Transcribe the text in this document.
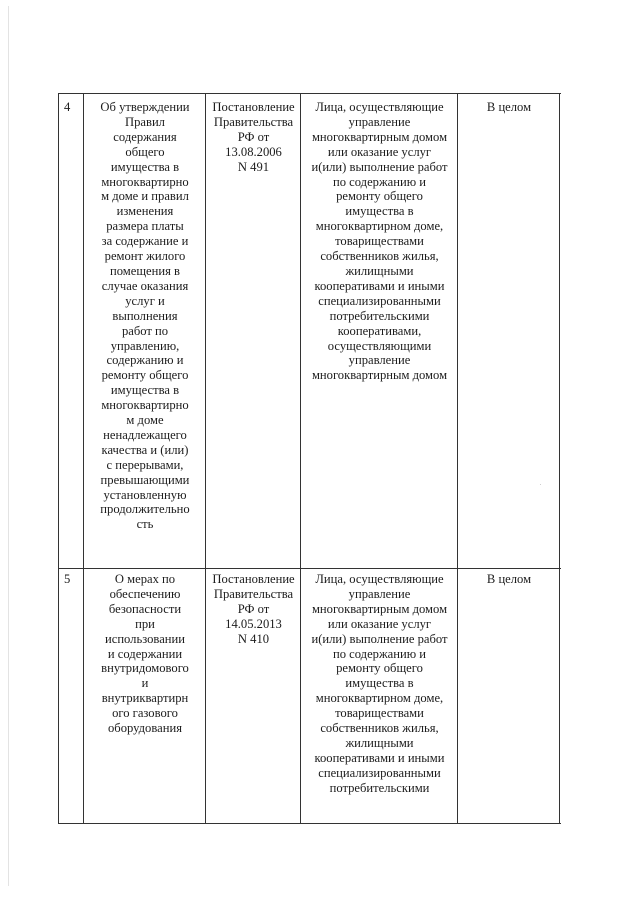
4	Об утверждении
Правил
содержания
общего
имущества в
многоквартирно
м доме и правил
изменения
размера платы
за содержание и
ремонт жилого
помещения в
случае оказания
услуг и
выполнения
работ по
управлению,
содержанию и
ремонту общего
имущества в
многоквартирно
м доме
ненадлежащего
качества и (или)
с перерывами,
превышающими
установленную
продолжительно
сть
Постановление
Правительства
РФ от
13.08.2006
N 491
Лица, осуществляющие
управление
многоквартирным домом
или оказание услуг
и(или) выполнение работ
по содержанию и
ремонту общего
имущества в
многоквартирном доме,
товариществами
собственников жилья,
жилищными
кооперативами и иными
специализированными
потребительскими
кооперативами,
осуществляющими
управление
многоквартирным домом
В целом
5	О мерах по
обеспечению
безопасности
при
использовании
и содержании
внутридомового
и
внутриквартирн
ого газового
оборудования
Постановление
Правительства
РФ от
14.05.2013
N 410
Лица, осуществляющие
управление
многоквартирным домом
или оказание услуг
и(или) выполнение работ
по содержанию и
ремонту общего
имущества в
многоквартирном доме,
товариществами
собственников жилья,
жилищными
кооперативами и иными
специализированными
потребительскими
В целом
